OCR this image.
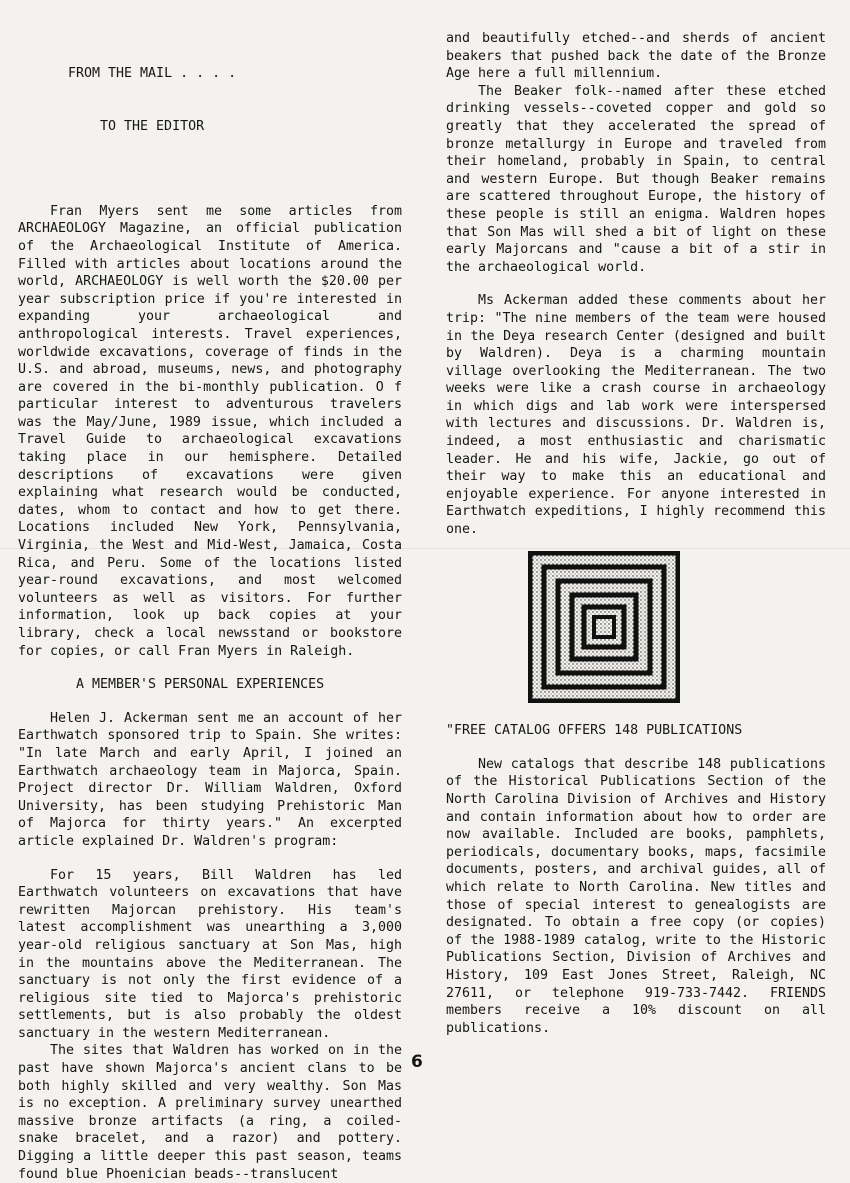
FROM THE MAIL . . . .

TO THE EDITOR

Fran Myers sent me some articles from ARCHAEOLOGY Magazine, an official publication of the Archaeological Institute of America. Filled with articles about locations around the world, ARCHAEOLOGY is well worth the $20.00 per year subscription price if you're interested in expanding your archaeological and anthropological interests. Travel experiences, worldwide excavations, coverage of finds in the U.S. and abroad, museums, news, and photography are covered in the bi-monthly publication. O f particular interest to adventurous travelers was the May/June, 1989 issue, which included a Travel Guide to archaeological excavations taking place in our hemisphere. Detailed descriptions of excavations were given explaining what research would be conducted, dates, whom to contact and how to get there. Locations included New York, Pennsylvania, Virginia, the West and Mid-West, Jamaica, Costa Rica, and Peru. Some of the locations listed year-round excavations, and most welcomed volunteers as well as visitors. For further information, look up back copies at your library, check a local newsstand or bookstore for copies, or call Fran Myers in Raleigh.

A MEMBER'S PERSONAL EXPERIENCES

Helen J. Ackerman sent me an account of her Earthwatch sponsored trip to Spain. She writes: "In late March and early April, I joined an Earthwatch archaeology team in Majorca, Spain. Project director Dr. William Waldren, Oxford University, has been studying Prehistoric Man of Majorca for thirty years." An excerpted article explained Dr. Waldren's program:

For 15 years, Bill Waldren has led Earthwatch volunteers on excavations that have rewritten Majorcan prehistory. His team's latest accomplishment was unearthing a 3,000 year-old religious sanctuary at Son Mas, high in the mountains above the Mediterranean. The sanctuary is not only the first evidence of a religious site tied to Majorca's prehistoric settlements, but is also probably the oldest sanctuary in the western Mediterranean.

The sites that Waldren has worked on in the past have shown Majorca's ancient clans to be both highly skilled and very wealthy. Son Mas is no exception. A preliminary survey unearthed massive bronze artifacts (a ring, a coiled-snake bracelet, and a razor) and pottery. Digging a little deeper this past season, teams found blue Phoenician beads--translucent

and beautifully etched--and sherds of ancient beakers that pushed back the date of the Bronze Age here a full millennium.

The Beaker folk--named after these etched drinking vessels--coveted copper and gold so greatly that they accelerated the spread of bronze metallurgy in Europe and traveled from their homeland, probably in Spain, to central and western Europe. But though Beaker remains are scattered throughout Europe, the history of these people is still an enigma. Waldren hopes that Son Mas will shed a bit of light on these early Majorcans and "cause a bit of a stir in the archaeological world.

Ms Ackerman added these comments about her trip: "The nine members of the team were housed in the Deya research Center (designed and built by Waldren). Deya is a charming mountain village overlooking the Mediterranean. The two weeks were like a crash course in archaeology in which digs and lab work were interspersed with lectures and discussions. Dr. Waldren is, indeed, a most enthusiastic and charismatic leader. He and his wife, Jackie, go out of their way to make this an educational and enjoyable experience. For anyone interested in Earthwatch expeditions, I highly recommend this one.

"FREE CATALOG OFFERS 148 PUBLICATIONS

New catalogs that describe 148 publications of the Historical Publications Section of the North Carolina Division of Archives and History and contain information about how to order are now available. Included are books, pamphlets, periodicals, documentary books, maps, facsimile documents, posters, and archival guides, all of which relate to North Carolina. New titles and those of special interest to genealogists are designated. To obtain a free copy (or copies) of the 1988-1989 catalog, write to the Historic Publications Section, Division of Archives and History, 109 East Jones Street, Raleigh, NC 27611, or telephone 919-733-7442. FRIENDS members receive a 10% discount on all publications.

6
